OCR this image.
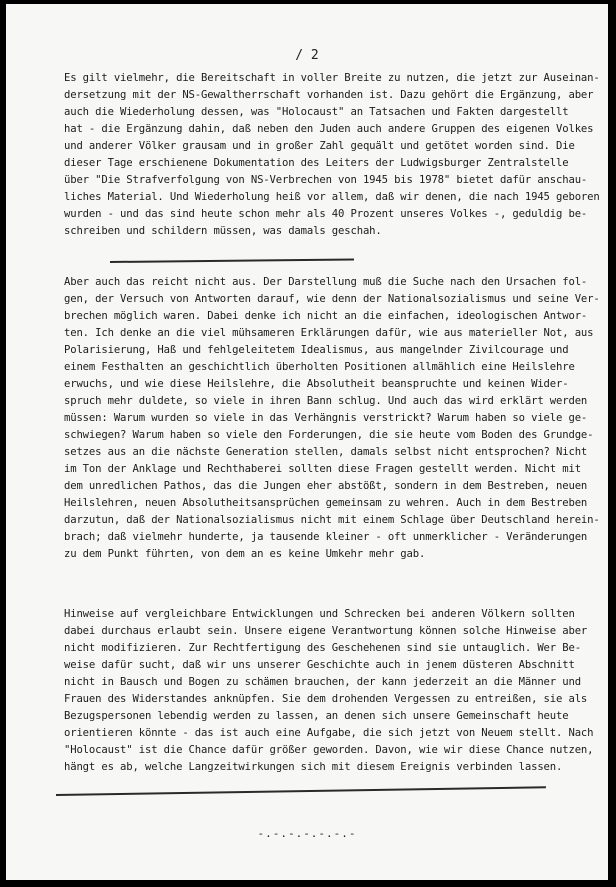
/ 2
Es gilt vielmehr, die Bereitschaft in voller Breite zu nutzen, die jetzt zur Auseinan-
dersetzung mit der NS-Gewaltherrschaft vorhanden ist. Dazu gehört die Ergänzung, aber
auch die Wiederholung dessen, was "Holocaust" an Tatsachen und Fakten dargestellt
hat - die Ergänzung dahin, daß neben den Juden auch andere Gruppen des eigenen Volkes
und anderer Völker grausam und in großer Zahl gequält und getötet worden sind. Die
dieser Tage erschienene Dokumentation des Leiters der Ludwigsburger Zentralstelle
über "Die Strafverfolgung von NS-Verbrechen von 1945 bis 1978" bietet dafür anschau-
liches Material. Und Wiederholung heiß vor allem, daß wir denen, die nach 1945 geboren
wurden - und das sind heute schon mehr als 40 Prozent unseres Volkes -, geduldig be-
schreiben und schildern müssen, was damals geschah.
Aber auch das reicht nicht aus. Der Darstellung muß die Suche nach den Ursachen fol-
gen, der Versuch von Antworten darauf, wie denn der Nationalsozialismus und seine Ver-
brechen möglich waren. Dabei denke ich nicht an die einfachen, ideologischen Antwor-
ten. Ich denke an die viel mühsameren Erklärungen dafür, wie aus materieller Not, aus
Polarisierung, Haß und fehlgeleitetem Idealismus, aus mangelnder Zivilcourage und
einem Festhalten an geschichtlich überholten Positionen allmählich eine Heilslehre
erwuchs, und wie diese Heilslehre, die Absolutheit beanspruchte und keinen Wider-
spruch mehr duldete, so viele in ihren Bann schlug. Und auch das wird erklärt werden
müssen: Warum wurden so viele in das Verhängnis verstrickt? Warum haben so viele ge-
schwiegen? Warum haben so viele den Forderungen, die sie heute vom Boden des Grundge-
setzes aus an die nächste Generation stellen, damals selbst nicht entsprochen? Nicht
im Ton der Anklage und Rechthaberei sollten diese Fragen gestellt werden. Nicht mit
dem unredlichen Pathos, das die Jungen eher abstößt, sondern in dem Bestreben, neuen
Heilslehren, neuen Absolutheitsansprüchen gemeinsam zu wehren. Auch in dem Bestreben
darzutun, daß der Nationalsozialismus nicht mit einem Schlage über Deutschland herein-
brach; daß vielmehr hunderte, ja tausende kleiner - oft unmerklicher - Veränderungen
zu dem Punkt führten, von dem an es keine Umkehr mehr gab.
Hinweise auf vergleichbare Entwicklungen und Schrecken bei anderen Völkern sollten
dabei durchaus erlaubt sein. Unsere eigene Verantwortung können solche Hinweise aber
nicht modifizieren. Zur Rechtfertigung des Geschehenen sind sie untauglich. Wer Be-
weise dafür sucht, daß wir uns unserer Geschichte auch in jenem düsteren Abschnitt
nicht in Bausch und Bogen zu schämen brauchen, der kann jederzeit an die Männer und
Frauen des Widerstandes anknüpfen. Sie dem drohenden Vergessen zu entreißen, sie als
Bezugspersonen lebendig werden zu lassen, an denen sich unsere Gemeinschaft heute
orientieren könnte - das ist auch eine Aufgabe, die sich jetzt von Neuem stellt. Nach
"Holocaust" ist die Chance dafür größer geworden. Davon, wie wir diese Chance nutzen,
hängt es ab, welche Langzeitwirkungen sich mit diesem Ereignis verbinden lassen.
-.-.-.-.-.-.-
